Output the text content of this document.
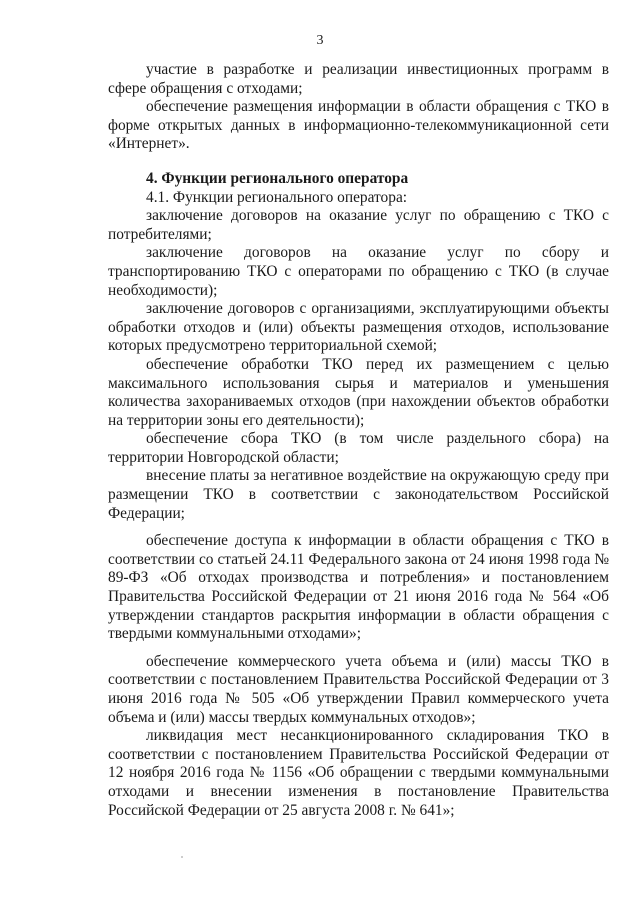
3

участие в разработке и реализации инвестиционных программ в сфере обращения с отходами;

обеспечение размещения информации в области обращения с ТКО в форме открытых данных в информационно-телекоммуникационной сети «Интернет».

4. Функции регионального оператора

4.1. Функции регионального оператора:

заключение договоров на оказание услуг по обращению с ТКО с потребителями;

заключение договоров на оказание услуг по сбору и транспортированию ТКО с операторами по обращению с ТКО (в случае необходимости);

заключение договоров с организациями, эксплуатирующими объекты обработки отходов и (или) объекты размещения отходов, использование которых предусмотрено территориальной схемой;

обеспечение обработки ТКО перед их размещением с целью максимального использования сырья и материалов и уменьшения количества захораниваемых отходов (при нахождении объектов обработки на территории зоны его деятельности);

обеспечение сбора ТКО (в том числе раздельного сбора) на территории Новгородской области;

внесение платы за негативное воздействие на окружающую среду при размещении ТКО в соответствии с законодательством Российской Федерации;

обеспечение доступа к информации в области обращения с ТКО в соответствии со статьей 24.11 Федерального закона от 24 июня 1998 года № 89-ФЗ «Об отходах производства и потребления» и постановлением Правительства Российской Федерации от 21 июня 2016 года № 564 «Об утверждении стандартов раскрытия информации в области обращения с твердыми коммунальными отходами»;

обеспечение коммерческого учета объема и (или) массы ТКО в соответствии с постановлением Правительства Российской Федерации от 3 июня 2016 года № 505 «Об утверждении Правил коммерческого учета объема и (или) массы твердых коммунальных отходов»;

ликвидация мест несанкционированного складирования ТКО в соответствии с постановлением Правительства Российской Федерации от 12 ноября 2016 года № 1156 «Об обращении с твердыми коммунальными отходами и внесении изменения в постановление Правительства Российской Федерации от 25 августа 2008 г. № 641»;
